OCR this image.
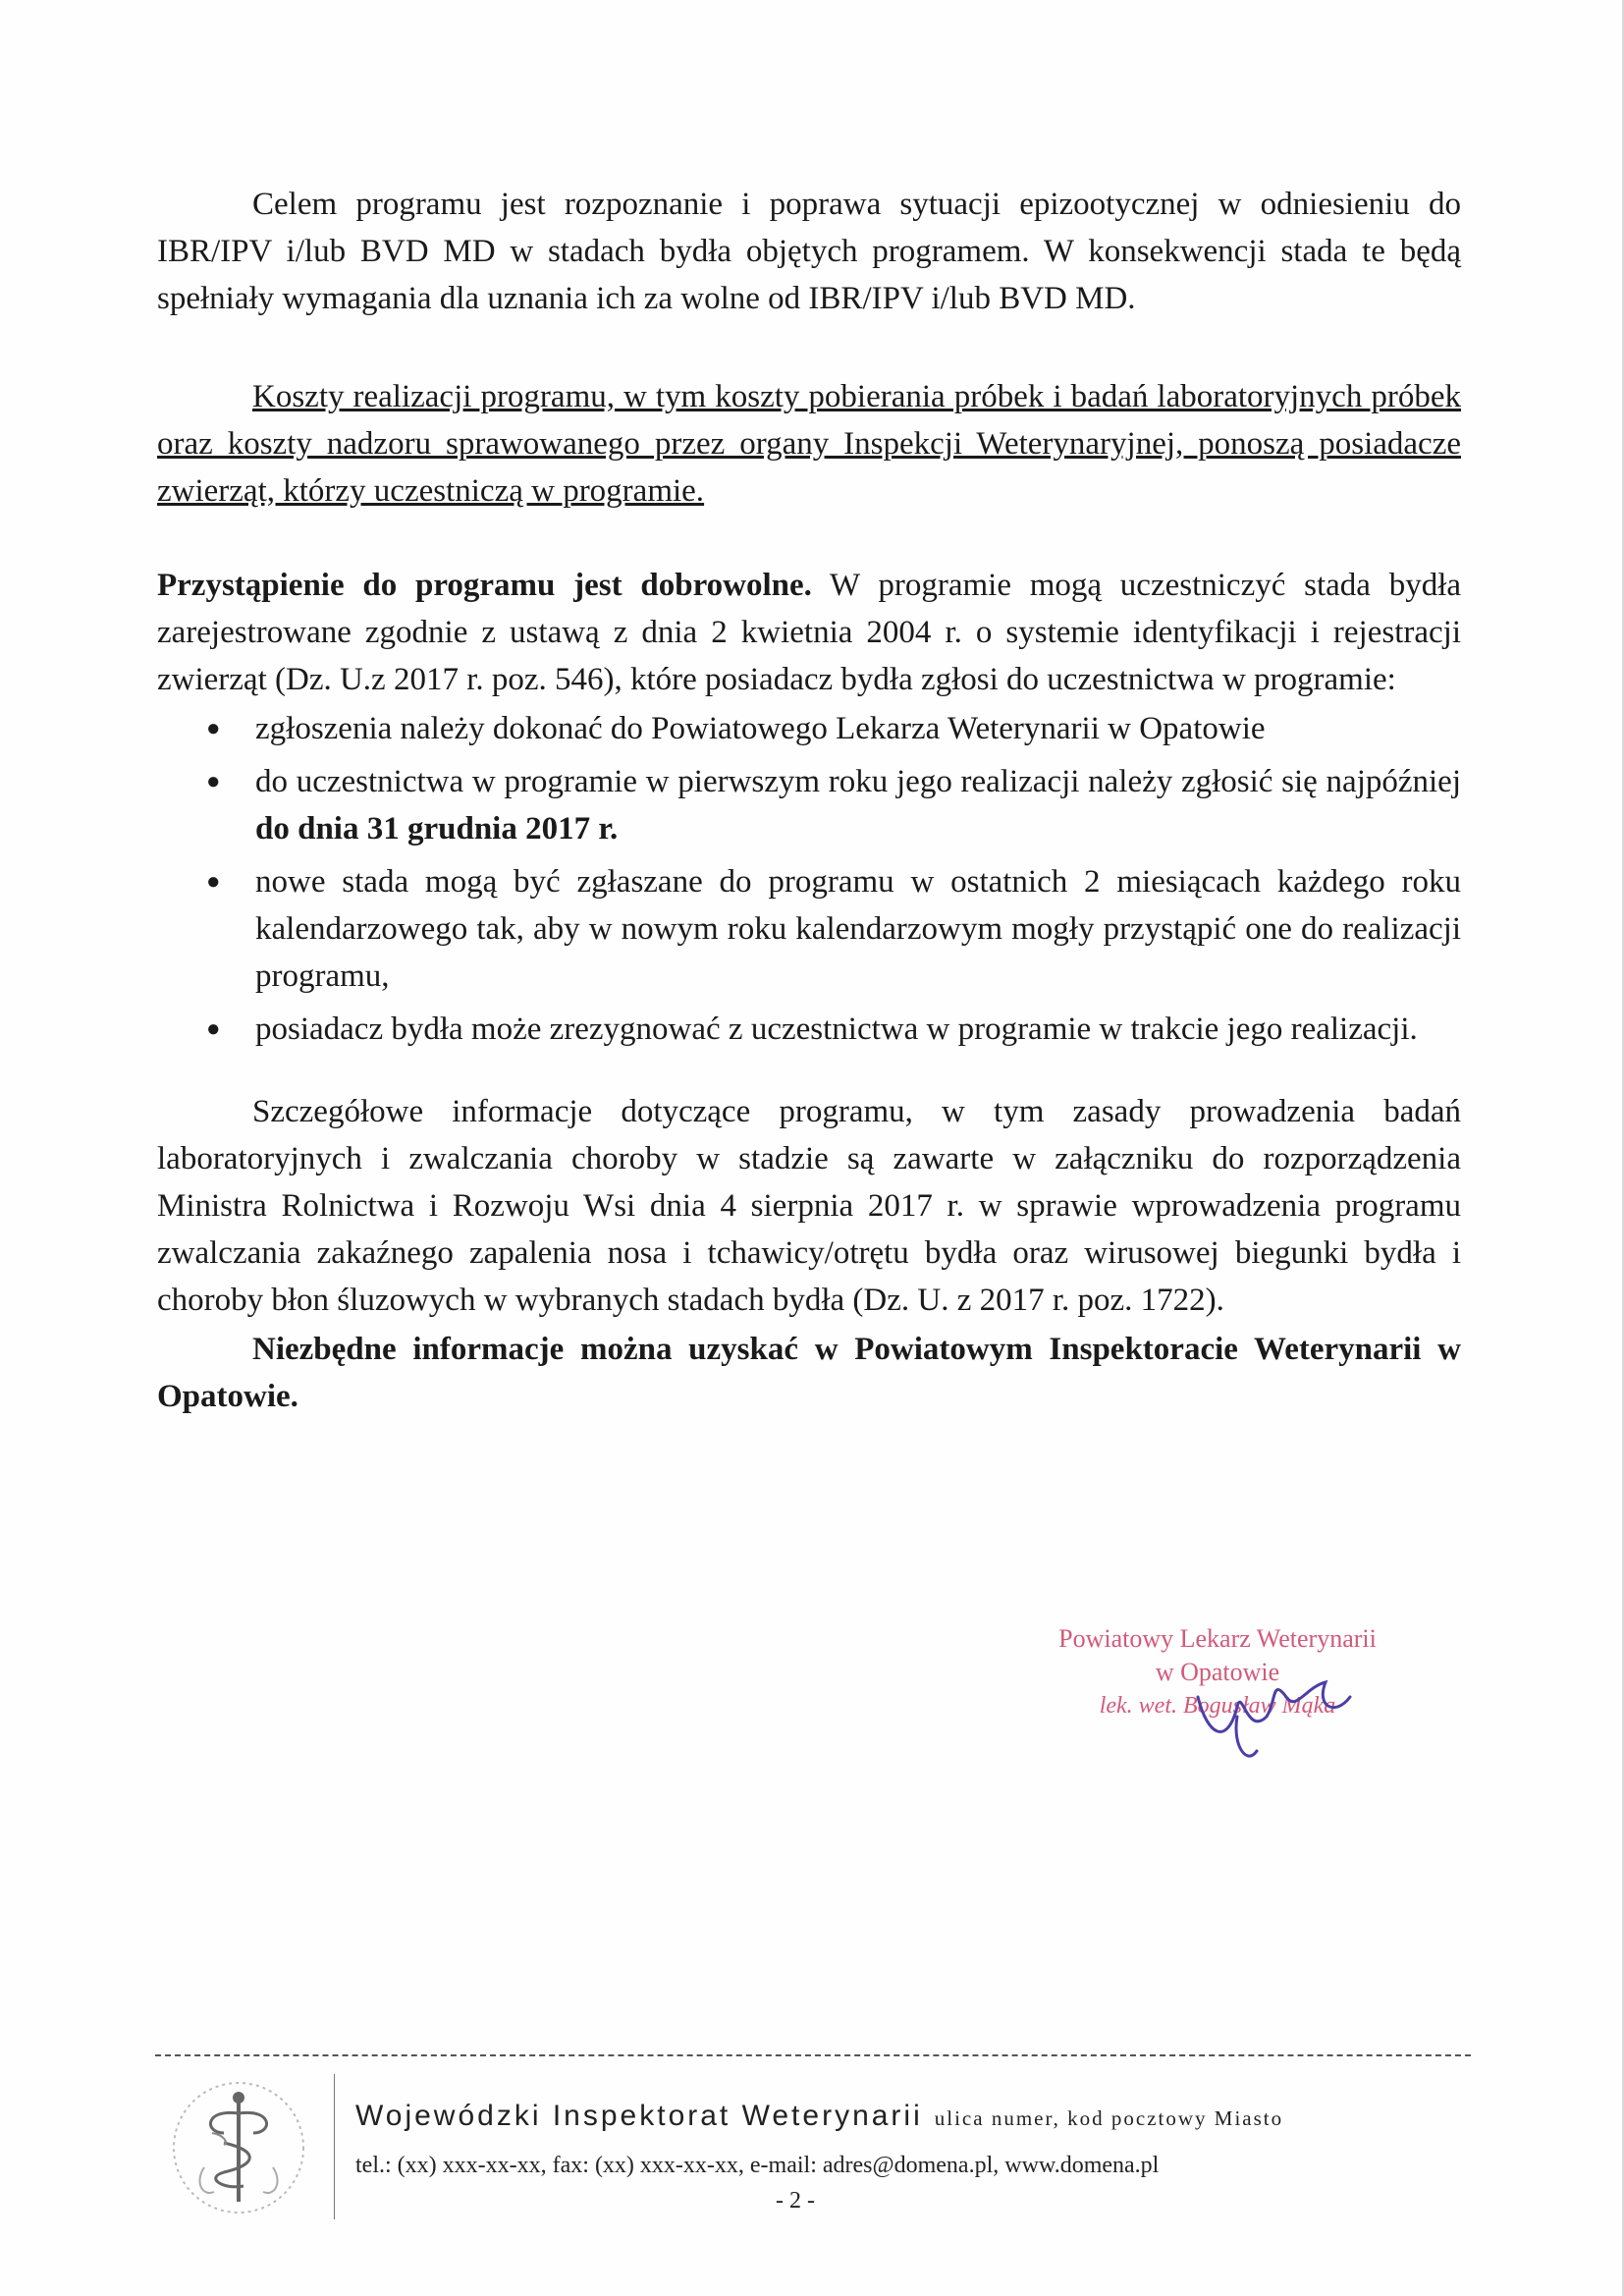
Celem programu jest rozpoznanie i poprawa sytuacji epizootycznej w odniesieniu do IBR/IPV i/lub BVD MD w stadach bydła objętych programem. W konsekwencji stada te będą spełniały wymagania dla uznania ich za wolne od IBR/IPV i/lub BVD MD.

Koszty realizacji programu, w tym koszty pobierania próbek i badań laboratoryjnych próbek oraz koszty nadzoru sprawowanego przez organy Inspekcji Weterynaryjnej, ponoszą posiadacze zwierząt, którzy uczestniczą w programie.

Przystąpienie do programu jest dobrowolne. W programie mogą uczestniczyć stada bydła zarejestrowane zgodnie z ustawą z dnia 2 kwietnia 2004 r. o systemie identyfikacji i rejestracji zwierząt (Dz. U.z 2017 r. poz. 546), które posiadacz bydła zgłosi do uczestnictwa w programie:

● zgłoszenia należy dokonać do Powiatowego Lekarza Weterynarii w Opatowie
● do uczestnictwa w programie w pierwszym roku jego realizacji należy zgłosić się najpóźniej do dnia 31 grudnia 2017 r.
● nowe stada mogą być zgłaszane do programu w ostatnich 2 miesiącach każdego roku kalendarzowego tak, aby w nowym roku kalendarzowym mogły przystąpić one do realizacji programu,
● posiadacz bydła może zrezygnować z uczestnictwa w programie w trakcie jego realizacji.

Szczegółowe informacje dotyczące programu, w tym zasady prowadzenia badań laboratoryjnych i zwalczania choroby w stadzie są zawarte w załączniku do rozporządzenia Ministra Rolnictwa i Rozwoju Wsi dnia 4 sierpnia 2017 r. w sprawie wprowadzenia programu zwalczania zakaźnego zapalenia nosa i tchawicy/otrętu bydła oraz wirusowej biegunki bydła i choroby błon śluzowych w wybranych stadach bydła (Dz. U. z 2017 r. poz. 1722).

Niezbędne informacje można uzyskać w Powiatowym Inspektoracie Weterynarii w Opatowie.

Powiatowy Lekarz Weterynarii
w Opatowie
lek. wet. Bogusław Mąka
Wojewódzki Inspektorat Weterynarii ulica numer, kod pocztowy Miasto
tel.: (xx) xxx-xx-xx, fax: (xx) xxx-xx-xx, e-mail: adres@domena.pl, www.domena.pl
- 2 -
